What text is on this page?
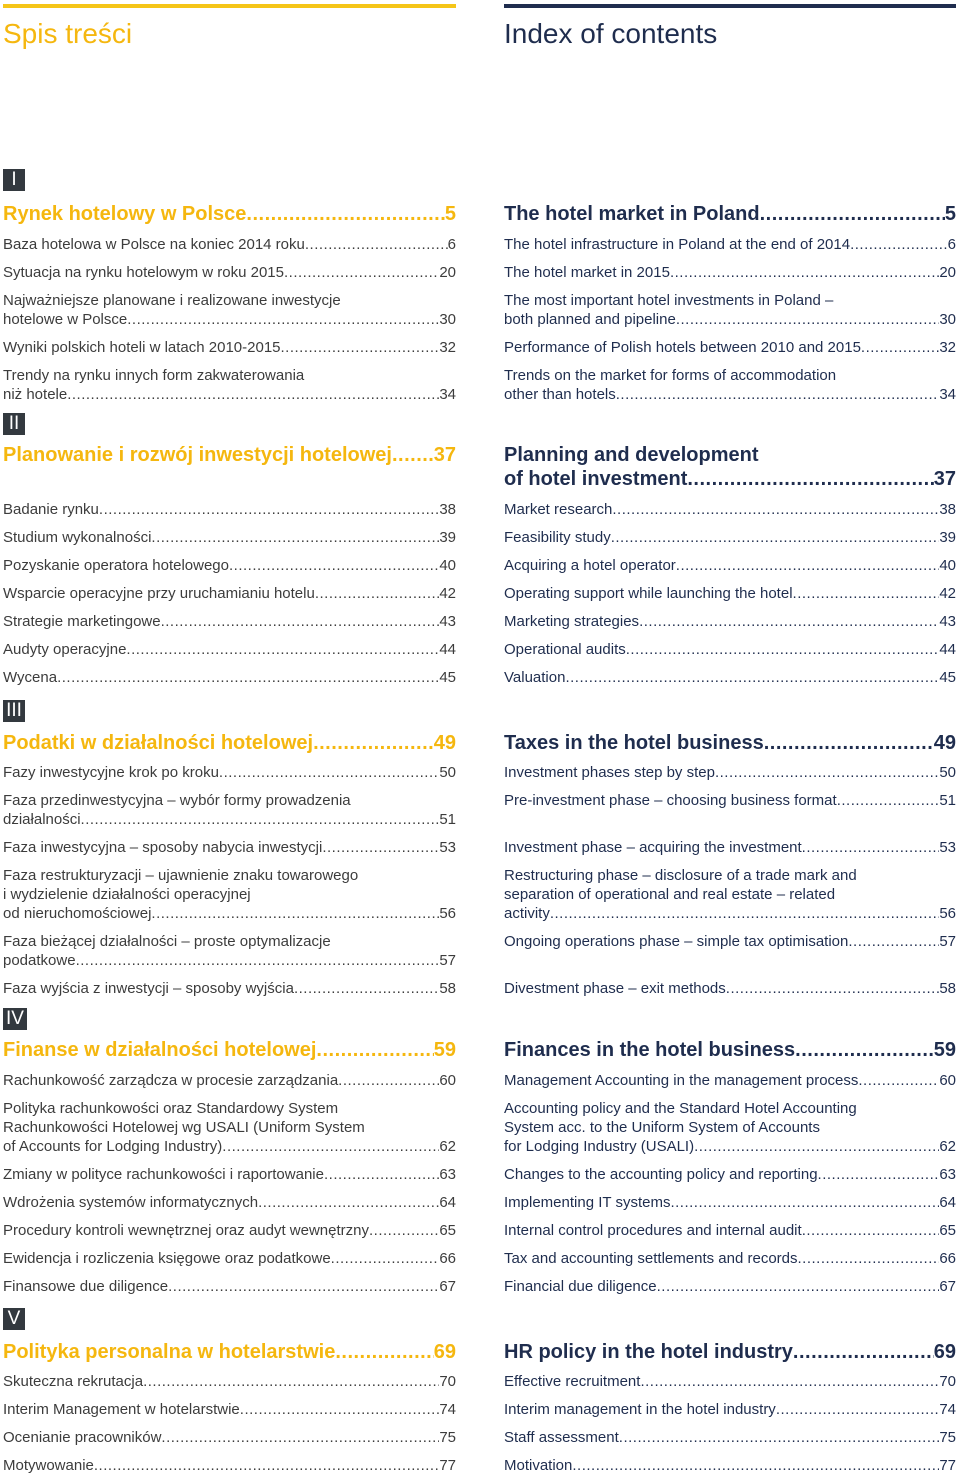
Spis treści
I
Rynek hotelowy w Polsce .....	5
Baza hotelowa w Polsce na koniec 2014 roku .....	6
Sytuacja na rynku hotelowym w roku 2015 .....	20
Najważniejsze planowane i realizowane inwestycje
hotelowe w Polsce .....	30
Wyniki polskich hoteli w latach 2010-2015 .....	32
Trendy na rynku innych form zakwaterowania
niż hotele .....	34
II
Planowanie i rozwój inwestycji hotelowej ..... 37
Badanie rynku .....	38
Studium wykonalności .....	39
Pozyskanie operatora hotelowego .....	40
Wsparcie operacyjne przy uruchamianiu hotelu .....	42
Strategie marketingowe .....	43
Audyty operacyjne .....	44
Wycena .....	45
III
Podatki w działalności hotelowej .....	49
Fazy inwestycyjne krok po kroku .....	50
Faza przedinwestycyjna – wybór formy prowadzenia
działalności .....	51
Faza inwestycyjna – sposoby nabycia inwestycji .....	53
Faza restrukturyzacji – ujawnienie znaku towarowego
i wydzielenie działalności operacyjnej
od nieruchomościowej .....	56
Faza bieżącej działalności – proste optymalizacje
podatkowe .....	57
Faza wyjścia z inwestycji – sposoby wyjścia .....	58
IV
Finanse w działalności hotelowej .....	59
Rachunkowość zarządcza w procesie zarządzania .....	60
Polityka rachunkowości oraz Standardowy System
Rachunkowości Hotelowej wg USALI (Uniform System
of Accounts for Lodging Industry) .....	62
Zmiany w polityce rachunkowości i raportowanie .....	63
Wdrożenia systemów informatycznych .....	64
Procedury kontroli wewnętrznej oraz audyt wewnętrzny .....	65
Ewidencja i rozliczenia księgowe oraz podatkowe .....	66
Finansowe due diligence .....	67
V
Polityka personalna w hotelarstwie .....	69
Skuteczna rekrutacja .....	70
Interim Management w hotelarstwie .....	74
Ocenianie pracowników .....	75
Motywowanie .....	77
Index of contents
The hotel market in Poland .....	5
The hotel infrastructure in Poland at the end of 2014 .....	6
The hotel market in 2015 .....	20
The most important hotel investments in Poland –
both planned and pipeline .....	30
Performance of Polish hotels between 2010 and 2015 .....	32
Trends on the market for forms of accommodation
other than hotels .....	34
Planning and development
of hotel investment .....	37
Market research .....	38
Feasibility study .....	39
Acquiring a hotel operator .....	40
Operating support while launching the hotel .....	42
Marketing strategies .....	43
Operational audits .....	44
Valuation .....	45
Taxes in the hotel business .....	49
Investment phases step by step .....	50
Pre-investment phase – choosing business format .....	51
Investment phase – acquiring the investment .....	53
Restructuring phase – disclosure of a trade mark and
separation of operational and real estate – related
activity .....	56
Ongoing operations phase – simple tax optimisation .....	57
Divestment phase – exit methods .....	58
Finances in the hotel business .....	59
Management Accounting in the management process .....	60
Accounting policy and the Standard Hotel Accounting
System acc. to the Uniform System of Accounts
for Lodging Industry (USALI) .....	62
Changes to the accounting policy and reporting .....	63
Implementing IT systems .....	64
Internal control procedures and internal audit .....	65
Tax and accounting settlements and records .....	66
Financial due diligence .....	67
HR policy in the hotel industry .....	69
Effective recruitment .....	70
Interim management in the hotel industry .....	74
Staff assessment .....	75
Motivation .....	77
